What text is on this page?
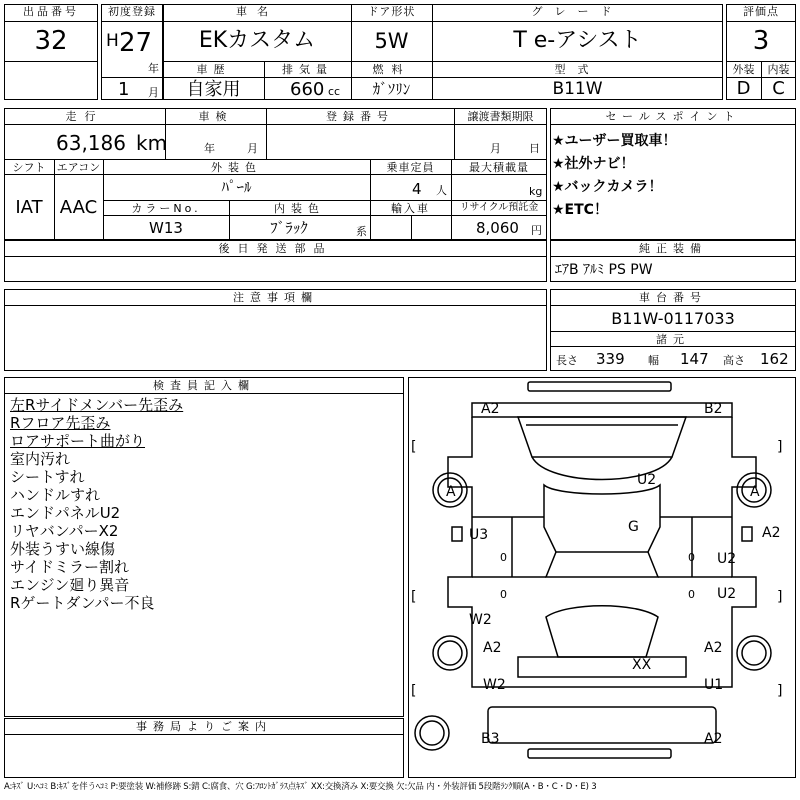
出品番号
32
初度登録
H 27
年
1 月
車名
EKカスタム
ドア形状
5W
グレード
T e-アシスト
車歴
自家用
排気量
660 cc
燃料
ｶﾞｿﾘﾝ
型式
B11W
評価点
3
外装	内装
D	C
走行
63,186 km
車検
年	月
登録番号	譲渡書類期限
月	日
シフト
IAT
エアコン
AAC
外装色
ﾊﾟｰﾙ
乗車定員
4 人
最大積載量
kg
カラーNo.
W13
内装色
ﾌﾞﾗｯｸ	系
輸入車	リサイクル預託金
8,060 円
後日発送部品
セールスポイント
★ユーザー買取車！
★社外ナビ！
★バックカメラ！
★ETC！
純正装備
ｴｱB ｱﾙﾐ PS PW
注意事項欄	車台番号
B11W-0117033
諸元
長さ 339 幅 147 高さ 162
検査員記入欄
左Rサイドメンバー先歪み
Rフロア先歪み
ロアサポート曲がり
室内汚れ
シートすれ
ハンドルすれ
エンドパネルU2
リヤバンパーX2
外装うすい線傷
サイドミラー割れ
エンジン廻り異音
Rゲートダンパー不良
事務局よりご案内
[	]
[	]
[	]
A2	B2
A	A
U2
G
U3	A2
U2
U2
0
0
0
0
W2
A2	A2
XX
W2	U1
B3	A2
A:ｷｽﾞ U:ﾍｺﾐ B:ｷｽﾞを伴うﾍｺﾐ P:要塗装 W:補修跡 S:錆 C:腐食、穴 G:ﾌﾛﾝﾄｶﾞﾗｽ点ｷｽﾞ XX:交換済み X:要交換 欠:欠品 内・外装評価 5段階ﾗﾝｸ順(A・B・C・D・E) 3
